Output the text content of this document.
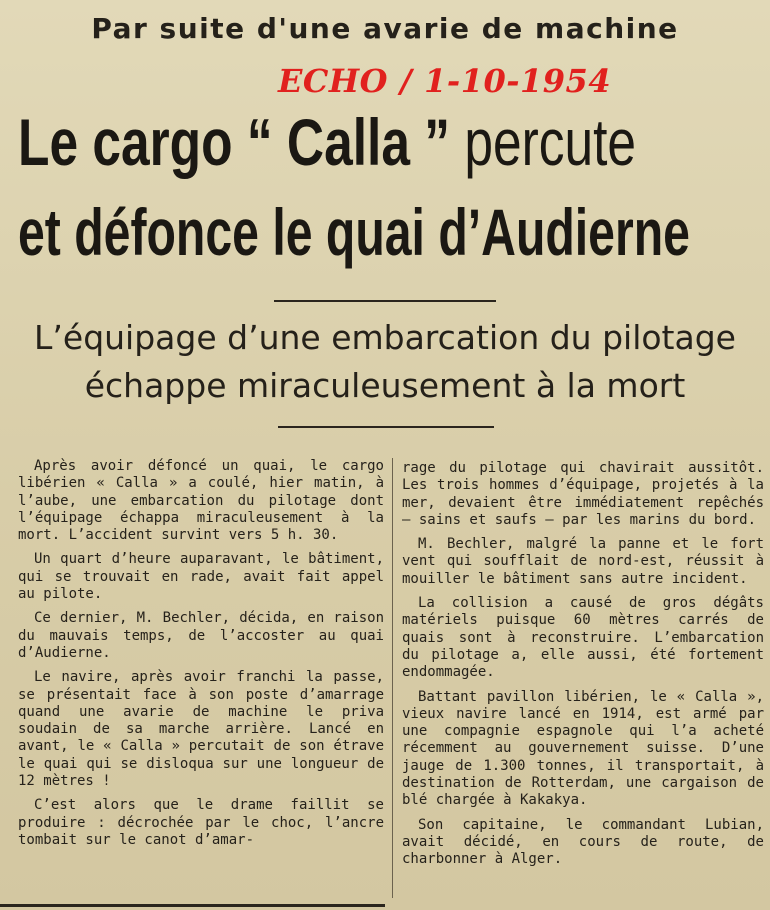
Par suite d'une avarie de machine
ECHO / 1-10-1954
Le cargo “ Calla ” percute
et défonce le quai d’Audierne
L’équipage d’une embarcation du pilotage
échappe miraculeusement à la mort

Après avoir défoncé un quai, le cargo libérien « Calla » a coulé, hier matin, à l’aube, une embarcation du pilotage dont l’équipage échappa miraculeusement à la mort. L’accident survint vers 5 h. 30.

Un quart d’heure auparavant, le bâtiment, qui se trouvait en rade, avait fait appel au pilote.

Ce dernier, M. Bechler, décida, en raison du mauvais temps, de l’accoster au quai d’Audierne.

Le navire, après avoir franchi la passe, se présentait face à son poste d’amarrage quand une avarie de machine le priva soudain de sa marche arrière. Lancé en avant, le « Calla » percutait de son étrave le quai qui se disloqua sur une longueur de 12 mètres !

C’est alors que le drame faillit se produire : décrochée par le choc, l’ancre tombait sur le canot d’amar-

rage du pilotage qui chavirait aussitôt. Les trois hommes d’équipage, projetés à la mer, devaient être immédiatement repêchés — sains et saufs — par les marins du bord.

M. Bechler, malgré la panne et le fort vent qui soufflait de nord-est, réussit à mouiller le bâtiment sans autre incident.

La collision a causé de gros dégâts matériels puisque 60 mètres carrés de quais sont à reconstruire. L’embarcation du pilotage a, elle aussi, été fortement endommagée.

Battant pavillon libérien, le « Calla », vieux navire lancé en 1914, est armé par une compagnie espagnole qui l’a acheté récemment au gouvernement suisse. D’une jauge de 1.300 tonnes, il transportait, à destination de Rotterdam, une cargaison de blé chargée à Kakakya.

Son capitaine, le commandant Lubian, avait décidé, en cours de route, de charbonner à Alger.
